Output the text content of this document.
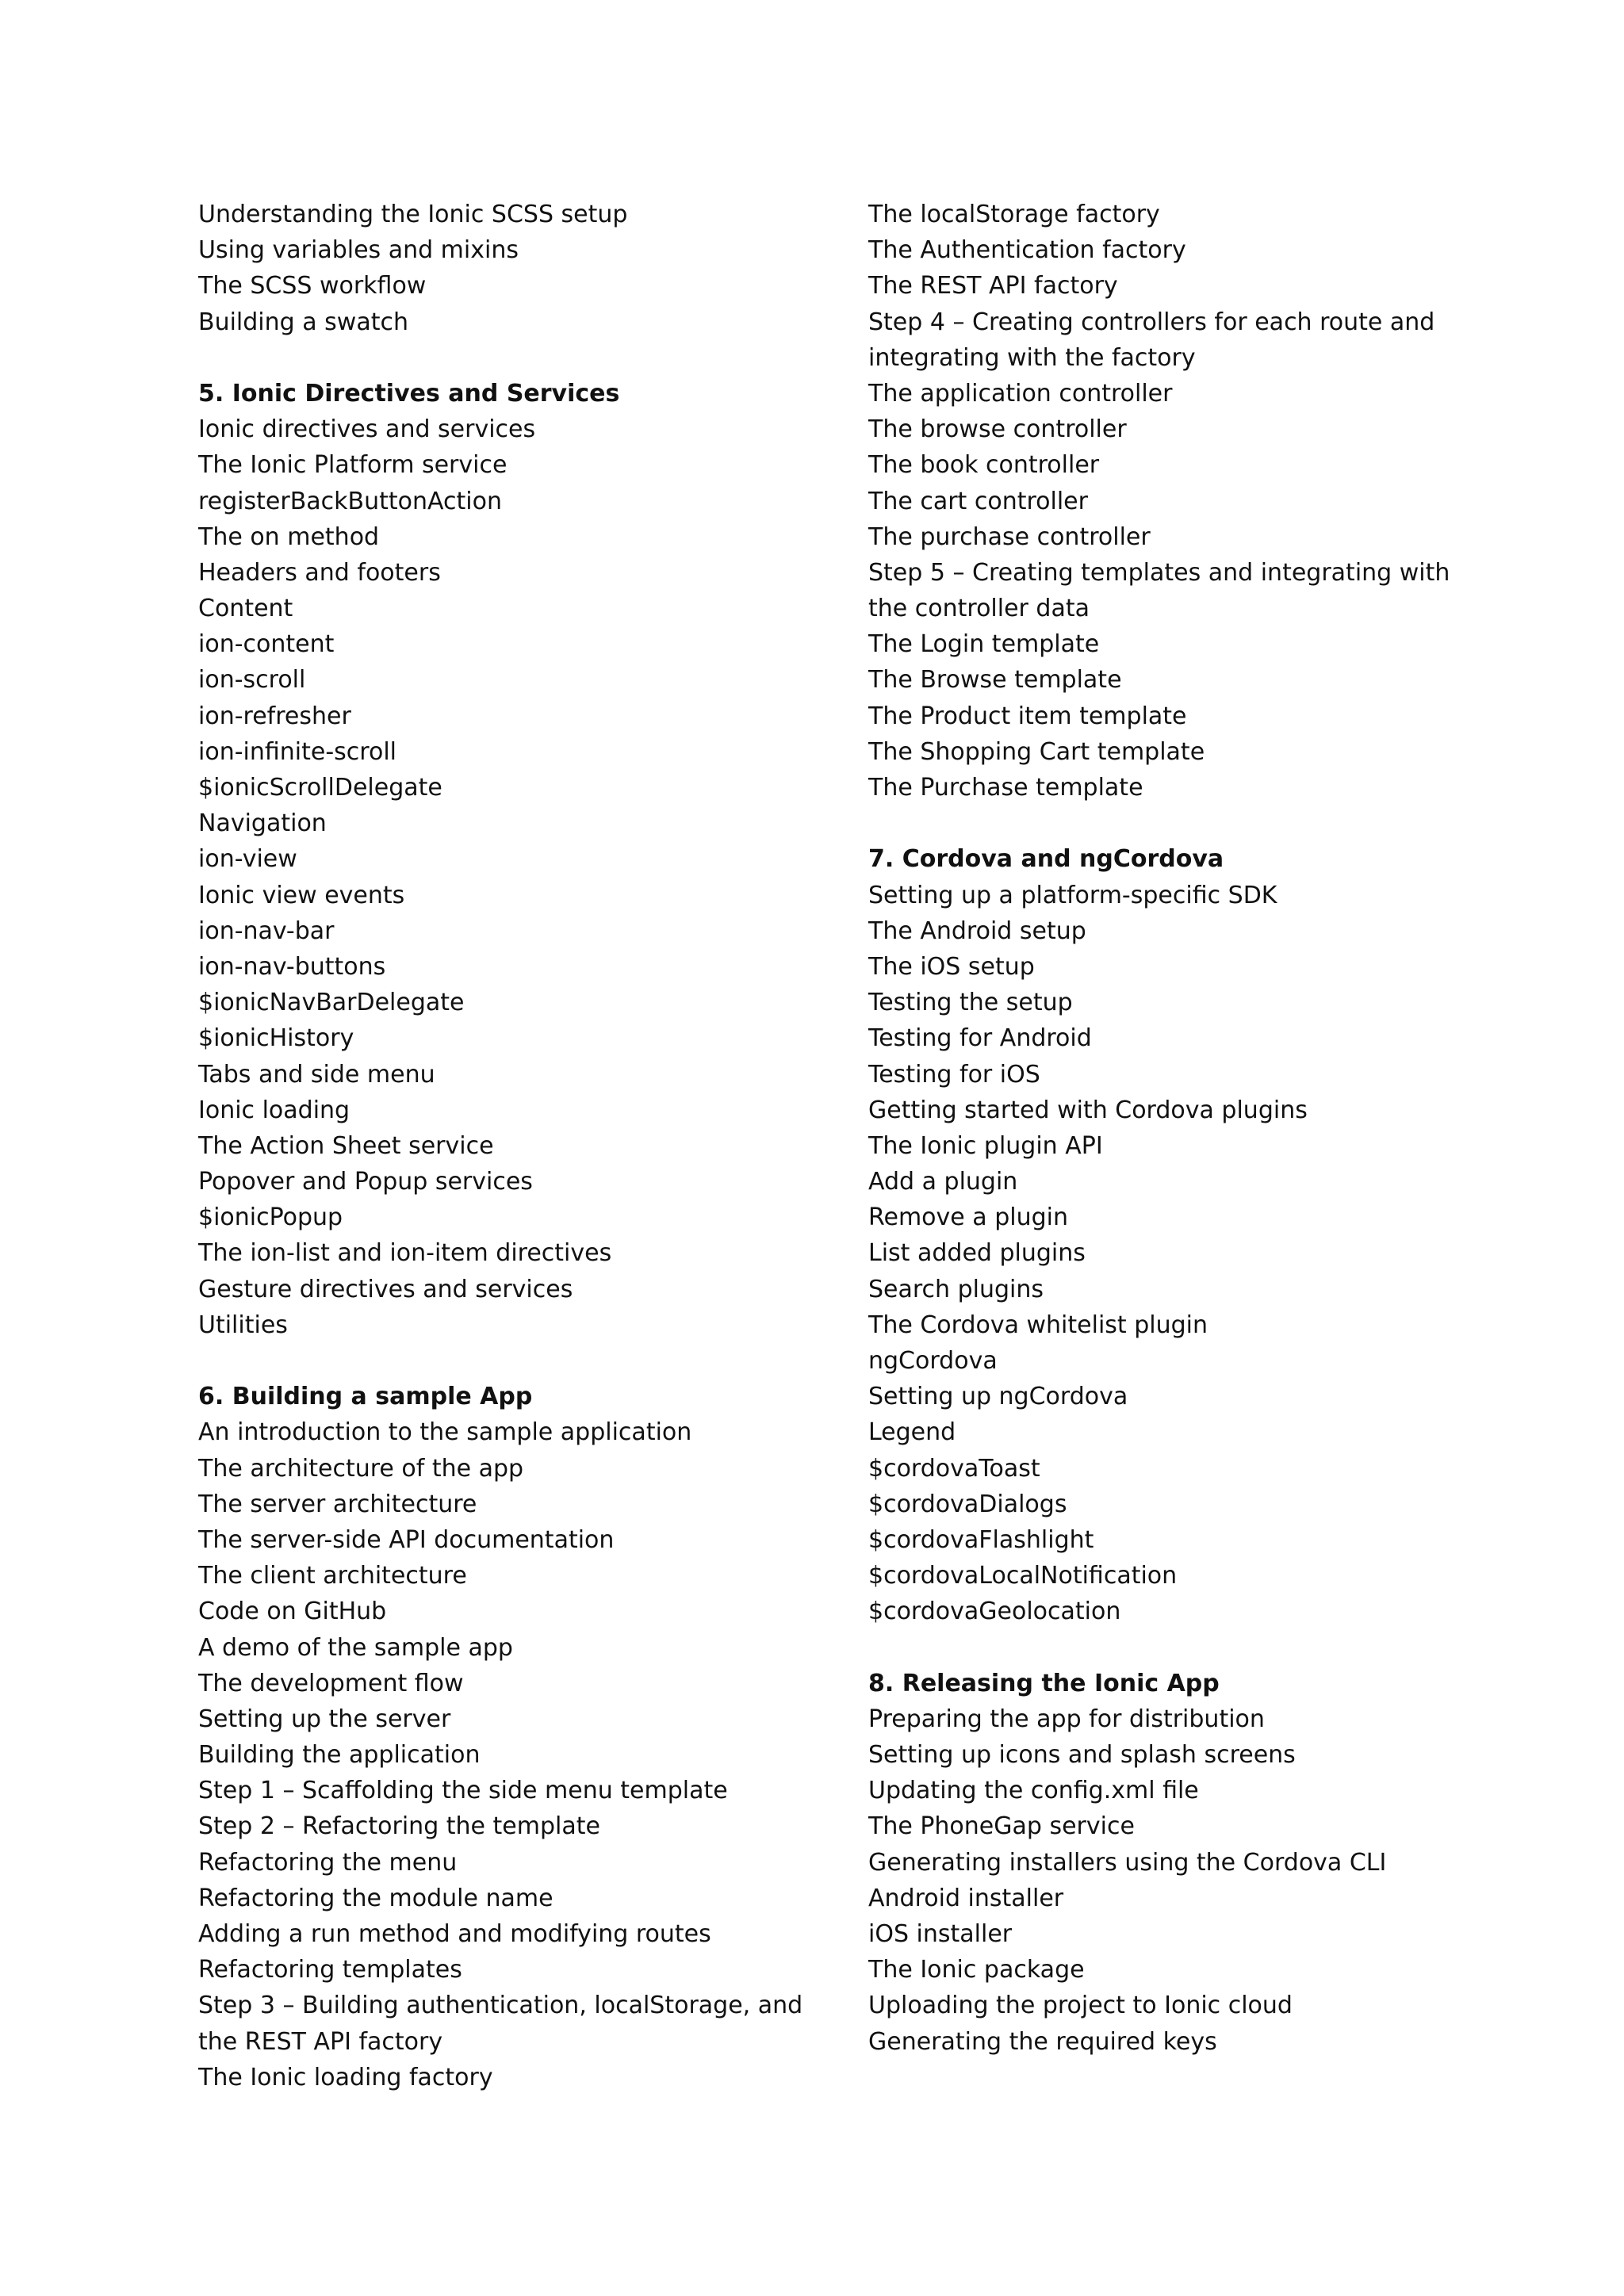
Understanding the Ionic SCSS setup
Using variables and mixins
The SCSS workflow
Building a swatch
5. Ionic Directives and Services
Ionic directives and services
The Ionic Platform service
registerBackButtonAction
The on method
Headers and footers
Content
ion-content
ion-scroll
ion-refresher
ion-infinite-scroll
$ionicScrollDelegate
Navigation
ion-view
Ionic view events
ion-nav-bar
ion-nav-buttons
$ionicNavBarDelegate
$ionicHistory
Tabs and side menu
Ionic loading
The Action Sheet service
Popover and Popup services
$ionicPopup
The ion-list and ion-item directives
Gesture directives and services
Utilities
6. Building a sample App
An introduction to the sample application
The architecture of the app
The server architecture
The server-side API documentation
The client architecture
Code on GitHub
A demo of the sample app
The development flow
Setting up the server
Building the application
Step 1 – Scaffolding the side menu template
Step 2 – Refactoring the template
Refactoring the menu
Refactoring the module name
Adding a run method and modifying routes
Refactoring templates
Step 3 – Building authentication, localStorage, and
the REST API factory
The Ionic loading factory
The localStorage factory
The Authentication factory
The REST API factory
Step 4 – Creating controllers for each route and
integrating with the factory
The application controller
The browse controller
The book controller
The cart controller
The purchase controller
Step 5 – Creating templates and integrating with
the controller data
The Login template
The Browse template
The Product item template
The Shopping Cart template
The Purchase template
7. Cordova and ngCordova
Setting up a platform-specific SDK
The Android setup
The iOS setup
Testing the setup
Testing for Android
Testing for iOS
Getting started with Cordova plugins
The Ionic plugin API
Add a plugin
Remove a plugin
List added plugins
Search plugins
The Cordova whitelist plugin
ngCordova
Setting up ngCordova
Legend
$cordovaToast
$cordovaDialogs
$cordovaFlashlight
$cordovaLocalNotification
$cordovaGeolocation
8. Releasing the Ionic App
Preparing the app for distribution
Setting up icons and splash screens
Updating the config.xml file
The PhoneGap service
Generating installers using the Cordova CLI
Android installer
iOS installer
The Ionic package
Uploading the project to Ionic cloud
Generating the required keys
